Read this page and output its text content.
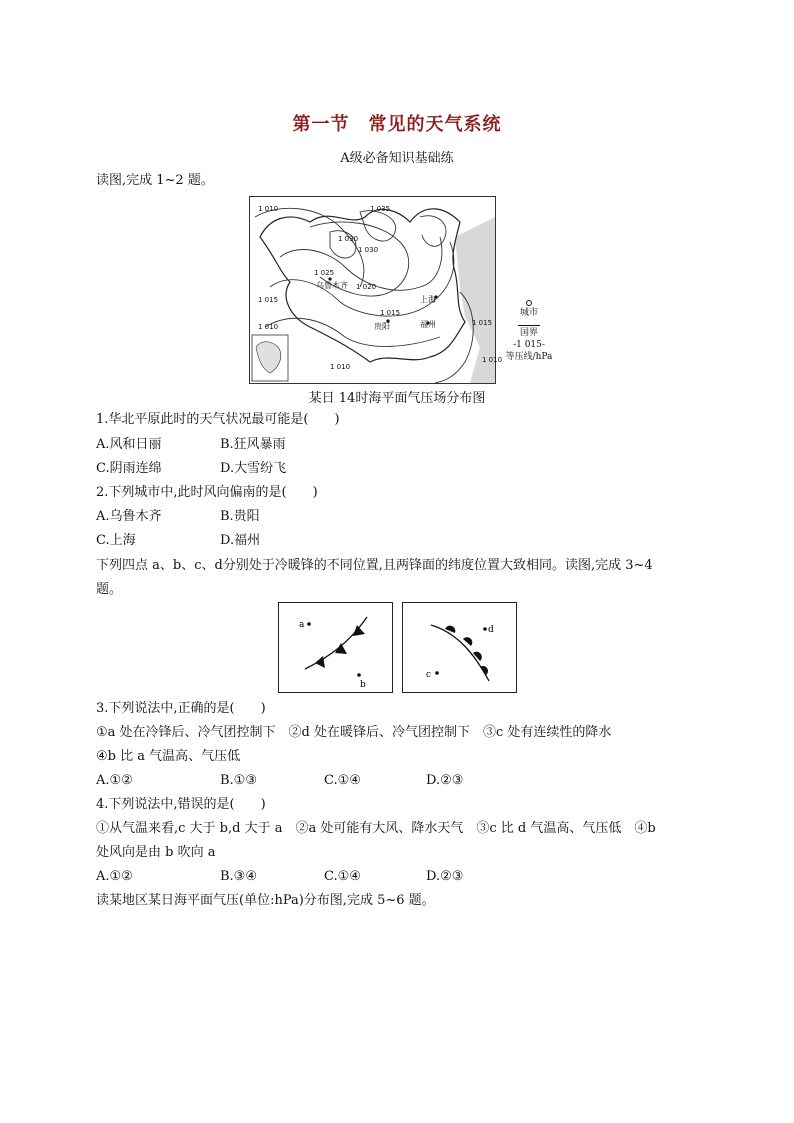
第一节　常见的天气系统
A级必备知识基础练
读图,完成 1~2 题。
1 010	1 035
1 030
1 030
1 020
1 025
1 015
1 010
1 010
1 010
1 015
1 015
乌鲁木齐
上海
贵阳	福州
城市
国界
-1 015-
等压线/hPa
某日 14时海平面气压场分布图
1.华北平原此时的天气状况最可能是(　　)
A.风和日丽	B.狂风暴雨
C.阴雨连绵	D.大雪纷飞
2.下列城市中,此时风向偏南的是(　　)
A.乌鲁木齐	B.贵阳
C.上海	D.福州
下列四点 a、b、c、d分别处于冷暖锋的不同位置,且两锋面的纬度位置大致相同。读图,完成 3~4
题。
a
b
d
c
3.下列说法中,正确的是(　　)
①a 处在冷锋后、冷气团控制下　②d 处在暖锋后、冷气团控制下　③c 处有连续性的降水
④b 比 a 气温高、气压低
A.①②	B.①③	C.①④	D.②③
4.下列说法中,错误的是(　　)
①从气温来看,c 大于 b,d 大于 a　②a 处可能有大风、降水天气　③c 比 d 气温高、气压低　④b
处风向是由 b 吹向 a
A.①②	B.③④	C.①④	D.②③
读某地区某日海平面气压(单位:hPa)分布图,完成 5~6 题。
